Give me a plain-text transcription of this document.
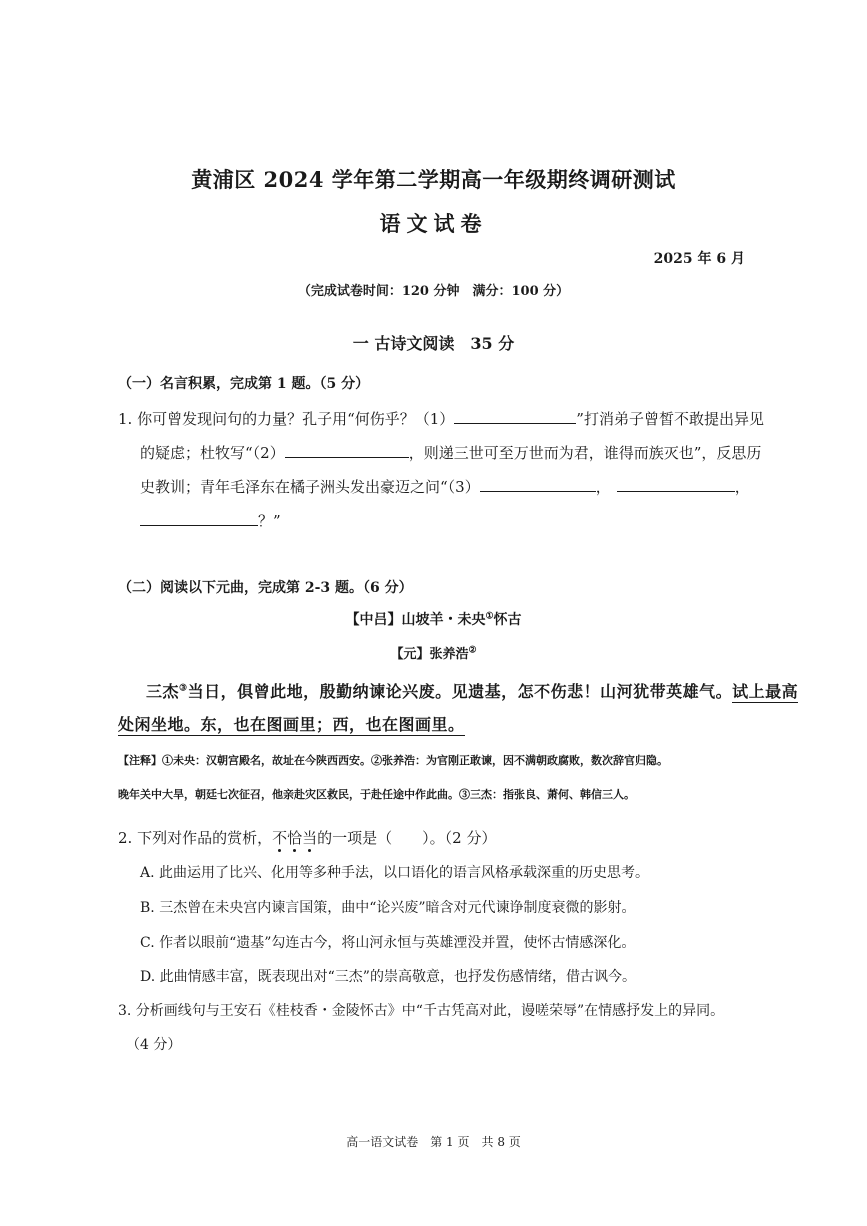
黄浦区 2024 学年第二学期高一年级期终调研测试
语文试卷
2025 年 6 月
（完成试卷时间：120 分钟　满分：100 分）
一 古诗文阅读　35 分
（一）名言积累，完成第 1 题。（5 分）
1. 你可曾发现问句的力量？孔子用“何伤乎？（1）	”打消弟子曾皙不敢提出异见
的疑虑；杜牧写“（2）	，则递三世可至万世而为君，谁得而族灭也”，反思历
史教训；青年毛泽东在橘子洲头发出豪迈之问“（3）	，	，
？”
（二）阅读以下元曲，完成第 2-3 题。（6 分）
【中吕】山坡羊・未央①怀古
【元】张养浩②
三杰③当日，俱曾此地，殷勤纳谏论兴废。见遗基，怎不伤悲！山河犹带英雄气。试上最高
处闲坐地。东，也在图画里；西，也在图画里。
【注释】①未央：汉朝宫殿名，故址在今陕西西安。②张养浩：为官刚正敢谏，因不满朝政腐败，数次辞官归隐。
晚年关中大旱，朝廷七次征召，他亲赴灾区救民，于赴任途中作此曲。③三杰：指张良、萧何、韩信三人。
2. 下列对作品的赏析，不恰当的一项是（　　）。（2 分）
A. 此曲运用了比兴、化用等多种手法，以口语化的语言风格承载深重的历史思考。
B. 三杰曾在未央宫内谏言国策，曲中“论兴废”暗含对元代谏诤制度衰微的影射。
C. 作者以眼前“遗基”勾连古今，将山河永恒与英雄湮没并置，使怀古情感深化。
D. 此曲情感丰富，既表现出对“三杰”的崇高敬意，也抒发伤感情绪，借古讽今。
3. 分析画线句与王安石《桂枝香・金陵怀古》中“千古凭高对此，谩嗟荣辱”在情感抒发上的异同。
（4 分）
高一语文试卷　第 1 页　共 8 页
